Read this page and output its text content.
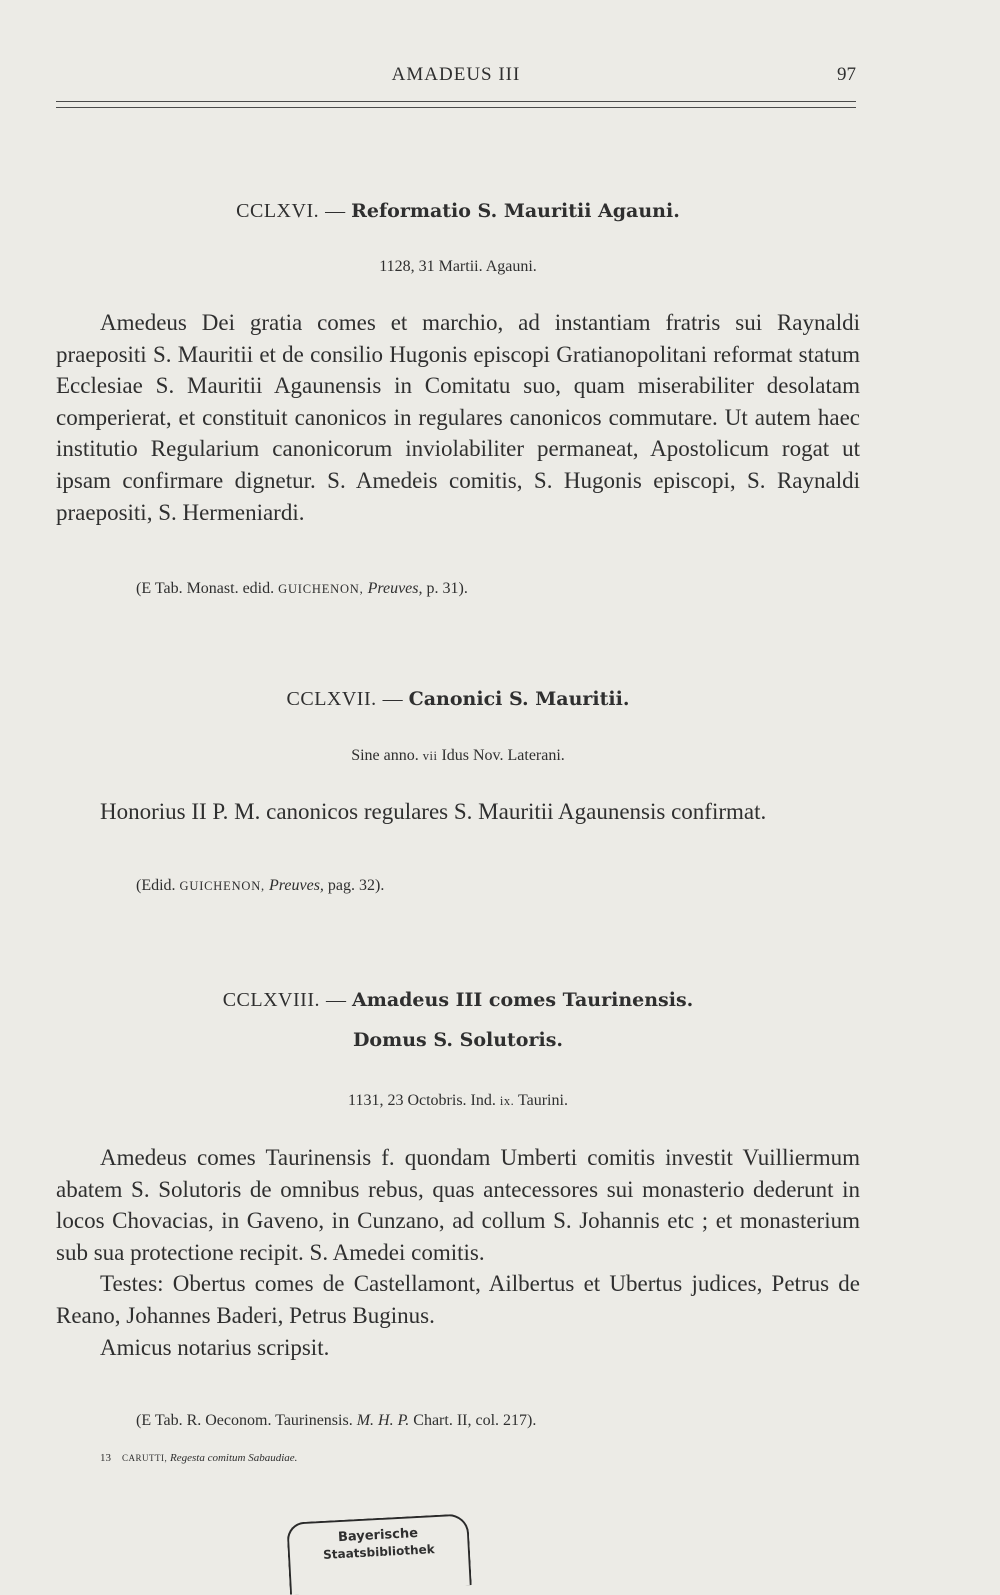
AMADEUS III	97
CCLXVI. — Reformatio S. Mauritii Agauni.
1128, 31 Martii. Agauni.

Amedeus Dei gratia comes et marchio, ad instantiam fratris sui Raynaldi praepositi S. Mauritii et de consilio Hugonis episcopi Gratianopolitani reformat statum Ecclesiae S. Mauritii Agaunensis in Comitatu suo, quam miserabiliter desolatam comperierat, et constituit canonicos in regulares canonicos commutare. Ut autem haec institutio Regularium canonicorum inviolabiliter permaneat, Apostolicum rogat ut ipsam confirmare dignetur. S. Amedeis comitis, S. Hugonis episcopi, S. Raynaldi praepositi, S. Hermeniardi.

(E Tab. Monast. edid. GUICHENON, Preuves, p. 31).
CCLXVII. — Canonici S. Mauritii.
Sine anno. vii Idus Nov. Laterani.

Honorius II P. M. canonicos regulares S. Mauritii Agaunensis confirmat.

(Edid. GUICHENON, Preuves, pag. 32).
CCLXVIII. — Amadeus III comes Taurinensis.
Domus S. Solutoris.
1131, 23 Octobris. Ind. ix. Taurini.

Amedeus comes Taurinensis f. quondam Umberti comitis investit Vuilliermum abatem S. Solutoris de omnibus rebus, quas antecessores sui monasterio dederunt in locos Chovacias, in Gaveno, in Cunzano, ad collum S. Johannis etc ; et monasterium sub sua protectione recipit. S. Amedei comitis.

Testes: Obertus comes de Castellamont, Ailbertus et Ubertus judices, Petrus de Reano, Johannes Baderi, Petrus Buginus.

Amicus notarius scripsit.

(E Tab. R. Oeconom. Taurinensis. M. H. P. Chart. II, col. 217).
13 CARUTTI, Regesta comitum Sabaudiae.
Bayerische
Staatsbibliothek
